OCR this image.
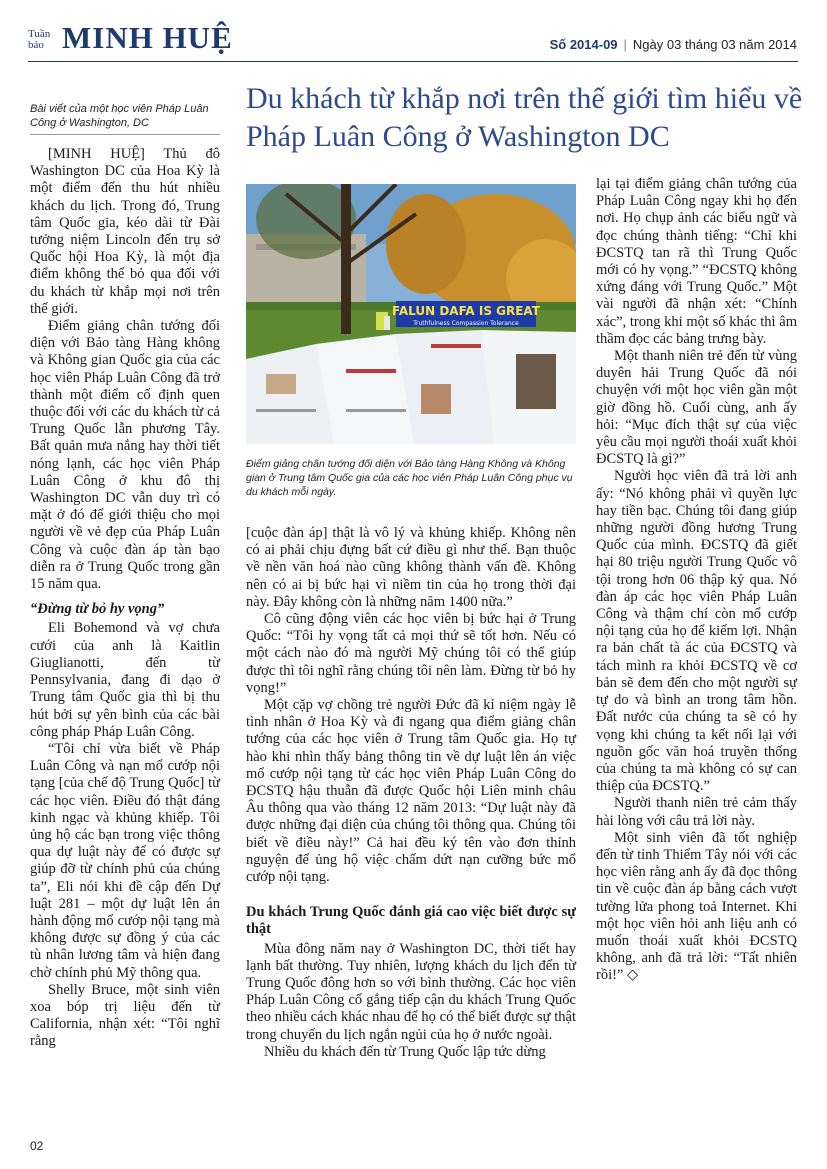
Tuần
báo MINH HUỆ	Số 2014-09 | Ngày 03 tháng 03 năm 2014
Bài viết của một học viên Pháp Luân Công ở Washington, DC
Du khách từ khắp nơi trên thế giới tìm hiểu về Pháp Luân Công ở Washington DC

[MINH HUỆ] Thủ đô Washington DC của Hoa Kỳ là một điểm đến thu hút nhiều khách du lịch. Trong đó, Trung tâm Quốc gia, kéo dài từ Đài tưởng niệm Lincoln đến trụ sở Quốc hội Hoa Kỳ, là một địa điểm không thể bỏ qua đối với du khách từ khắp mọi nơi trên thế giới.

Điểm giảng chân tướng đối diện với Bảo tàng Hàng không và Không gian Quốc gia của các học viên Pháp Luân Công đã trở thành một điểm cố định quen thuộc đối với các du khách từ cả Trung Quốc lẫn phương Tây. Bất quản mưa nắng hay thời tiết nóng lạnh, các học viên Pháp Luân Công ở khu đô thị Washington DC vẫn duy trì có mặt ở đó để giới thiệu cho mọi người về vẻ đẹp của Pháp Luân Công và cuộc đàn áp tàn bạo diễn ra ở Trung Quốc trong gần 15 năm qua.

“Đừng từ bỏ hy vọng”

Eli Bohemond và vợ chưa cưới của anh là Kaitlin Giuglianotti, đến từ Pennsylvania, đang đi dạo ở Trung tâm Quốc gia thì bị thu hút bởi sự yên bình của các bài công pháp Pháp Luân Công.

“Tôi chỉ vừa biết về Pháp Luân Công và nạn mổ cướp nội tạng [của chế độ Trung Quốc] từ các học viên. Điều đó thật đáng kinh ngạc và khủng khiếp. Tôi ủng hộ các bạn trong việc thông qua dự luật này để có được sự giúp đỡ từ chính phủ của chúng ta”, Eli nói khi đề cập đến Dự luật 281 – một dự luật lên án hành động mổ cướp nội tạng mà không được sự đồng ý của các tù nhân lương tâm và hiện đang chờ chính phủ Mỹ thông qua.

Shelly Bruce, một sinh viên xoa bóp trị liệu đến từ California, nhận xét: “Tôi nghĩ rằng

FALUN DAFA IS GREAT
Truthfulness Compassion Tolerance
Điểm giảng chân tướng đối diện với Bảo tàng Hàng Không và Không gian ở Trung tâm Quốc gia của các học viên Pháp Luân Công phục vụ du khách mỗi ngày.

[cuộc đàn áp] thật là vô lý và khủng khiếp. Không nên có ai phải chịu đựng bất cứ điều gì như thế. Bạn thuộc về nền văn hoá nào cũng không thành vấn đề. Không nên có ai bị bức hại vì niềm tin của họ trong thời đại này. Đây không còn là những năm 1400 nữa.”

Cô cũng động viên các học viên bị bức hại ở Trung Quốc: “Tôi hy vọng tất cả mọi thứ sẽ tốt hơn. Nếu có một cách nào đó mà người Mỹ chúng tôi có thể giúp được thì tôi nghĩ rằng chúng tôi nên làm. Đừng từ bỏ hy vọng!”

Một cặp vợ chồng trẻ người Đức đã kỉ niệm ngày lễ tình nhân ở Hoa Kỳ và đi ngang qua điểm giảng chân tướng của các học viên ở Trung tâm Quốc gia. Họ tự hào khi nhìn thấy bảng thông tin về dự luật lên án việc mổ cướp nội tạng từ các học viên Pháp Luân Công do ĐCSTQ hậu thuẫn đã được Quốc hội Liên minh châu Âu thông qua vào tháng 12 năm 2013: “Dự luật này đã được những đại diện của chúng tôi thông qua. Chúng tôi biết về điều này!” Cả hai đều ký tên vào đơn thỉnh nguyện để ủng hộ việc chấm dứt nạn cưỡng bức mổ cướp nội tạng.

Du khách Trung Quốc đánh giá cao việc biết được sự thật

Mùa đông năm nay ở Washington DC, thời tiết hay lạnh bất thường. Tuy nhiên, lượng khách du lịch đến từ Trung Quốc đông hơn so với bình thường. Các học viên Pháp Luân Công cố gắng tiếp cận du khách Trung Quốc theo nhiều cách khác nhau để họ có thể biết được sự thật trong chuyến du lịch ngắn ngủi của họ ở nước ngoài.

Nhiều du khách đến từ Trung Quốc lập tức dừng

lại tại điểm giảng chân tướng của Pháp Luân Công ngay khi họ đến nơi. Họ chụp ảnh các biểu ngữ và đọc chúng thành tiếng: “Chỉ khi ĐCSTQ tan rã thì Trung Quốc mới có hy vọng.” “ĐCSTQ không xứng đáng với Trung Quốc.” Một vài người đã nhận xét: “Chính xác”, trong khi một số khác thì âm thầm đọc các bảng trưng bày.

Một thanh niên trẻ đến từ vùng duyên hải Trung Quốc đã nói chuyện với một học viên gần một giờ đồng hồ. Cuối cùng, anh ấy hỏi: “Mục đích thật sự của việc yêu cầu mọi người thoái xuất khỏi ĐCSTQ là gì?”

Người học viên đã trả lời anh ấy: “Nó không phải vì quyền lực hay tiền bạc. Chúng tôi đang giúp những người đồng hương Trung Quốc của mình. ĐCSTQ đã giết hại 80 triệu người Trung Quốc vô tội trong hơn 06 thập kỷ qua. Nó đàn áp các học viên Pháp Luân Công và thậm chí còn mổ cướp nội tạng của họ để kiếm lợi. Nhận ra bản chất tà ác của ĐCSTQ và tách mình ra khỏi ĐCSTQ về cơ bản sẽ đem đến cho một người sự tự do và bình an trong tâm hồn. Đất nước của chúng ta sẽ có hy vọng khi chúng ta kết nối lại với nguồn gốc văn hoá truyền thống của chúng ta mà không có sự can thiệp của ĐCSTQ.”

Người thanh niên trẻ cảm thấy hài lòng với câu trả lời này.

Một sinh viên đã tốt nghiệp đến từ tỉnh Thiểm Tây nói với các học viên rằng anh ấy đã đọc thông tin về cuộc đàn áp bằng cách vượt tường lửa phong toả Internet. Khi một học viên hỏi anh liệu anh có muốn thoái xuất khỏi ĐCSTQ không, anh đã trả lời: “Tất nhiên rồi!” ◇

02
